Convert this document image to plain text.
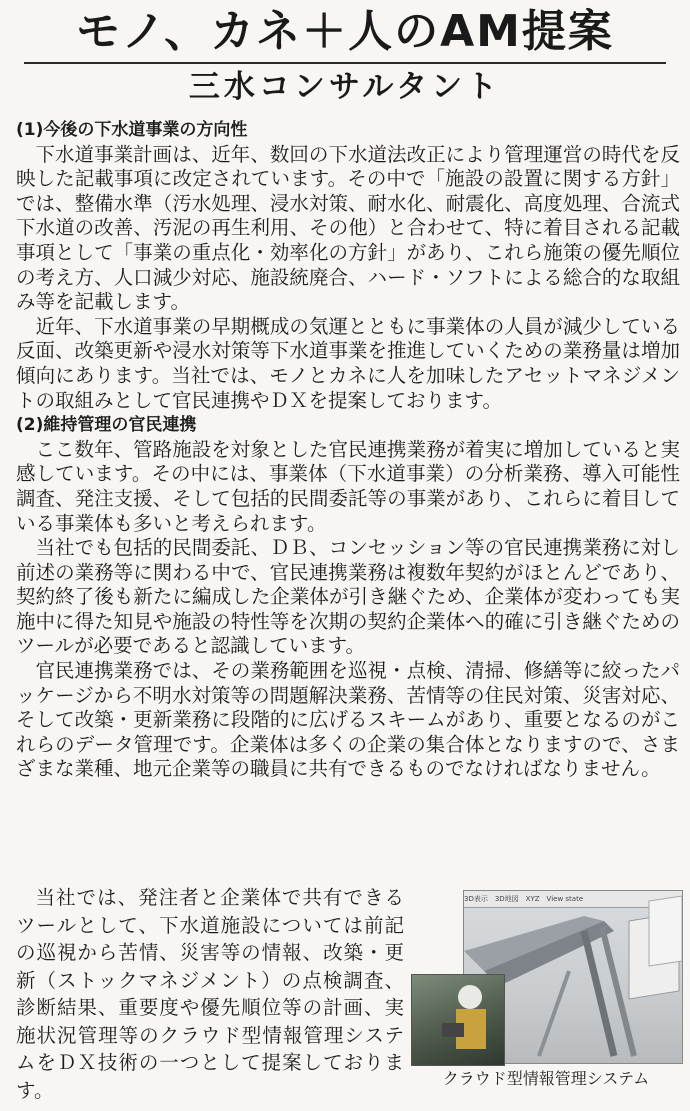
モノ、カネ＋人のAM提案
三水コンサルタント
(1)今後の下水道事業の方向性

下水道事業計画は、近年、数回の下水道法改正により管理運営の時代を反映した記載事項に改定されています。その中で「施設の設置に関する方針」では、整備水準（汚水処理、浸水対策、耐水化、耐震化、高度処理、合流式下水道の改善、汚泥の再生利用、その他）と合わせて、特に着目される記載事項として「事業の重点化・効率化の方針」があり、これら施策の優先順位の考え方、人口減少対応、施設統廃合、ハード・ソフトによる総合的な取組み等を記載します。

近年、下水道事業の早期概成の気運とともに事業体の人員が減少している反面、改築更新や浸水対策等下水道事業を推進していくための業務量は増加傾向にあります。当社では、モノとカネに人を加味したアセットマネジメントの取組みとして官民連携やＤＸを提案しております。

(2)維持管理の官民連携

ここ数年、管路施設を対象とした官民連携業務が着実に増加していると実感しています。その中には、事業体（下水道事業）の分析業務、導入可能性調査、発注支援、そして包括的民間委託等の事業があり、これらに着目している事業体も多いと考えられます。

当社でも包括的民間委託、ＤＢ、コンセッション等の官民連携業務に対し前述の業務等に関わる中で、官民連携業務は複数年契約がほとんどであり、契約終了後も新たに編成した企業体が引き継ぐため、企業体が変わっても実施中に得た知見や施設の特性等を次期の契約企業体へ的確に引き継ぐためのツールが必要であると認識しています。

官民連携業務では、その業務範囲を巡視・点検、清掃、修繕等に絞ったパッケージから不明水対策等の問題解決業務、苦情等の住民対策、災害対応、そして改築・更新業務に段階的に広げるスキームがあり、重要となるのがこれらのデータ管理です。企業体は多くの企業の集合体となりますので、さまざまな業種、地元企業等の職員に共有できるものでなければなりません。

当社では、発注者と企業体で共有できるツールとして、下水道施設については前記の巡視から苦情、災害等の情報、改築・更新（ストックマネジメント）の点検調査、診断結果、重要度や優先順位等の計画、実施状況管理等のクラウド型情報管理システムをＤＸ技術の一つとして提案しております。

3D表示　3D地図　XYZ　View state
クラウド型情報管理システム
